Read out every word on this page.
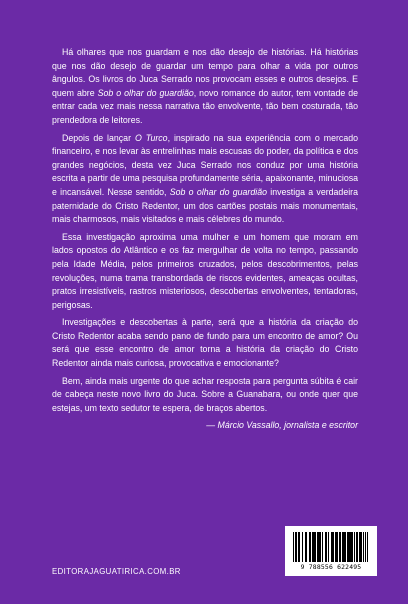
Há olhares que nos guardam e nos dão desejo de histórias. Há histórias que nos dão desejo de guardar um tempo para olhar a vida por outros ângulos. Os livros do Juca Serrado nos provocam esses e outros desejos. E quem abre Sob o olhar do guardião, novo romance do autor, tem vontade de entrar cada vez mais nessa narrativa tão envolvente, tão bem costurada, tão prendedora de leitores.

Depois de lançar O Turco, inspirado na sua experiência com o mercado financeiro, e nos levar às entrelinhas mais escusas do poder, da política e dos grandes negócios, desta vez Juca Serrado nos conduz por uma história escrita a partir de uma pesquisa profundamente séria, apaixonante, minuciosa e incansável. Nesse sentido, Sob o olhar do guardião investiga a verdadeira paternidade do Cristo Redentor, um dos cartões postais mais monumentais, mais charmosos, mais visitados e mais célebres do mundo.

Essa investigação aproxima uma mulher e um homem que moram em lados opostos do Atlântico e os faz mergulhar de volta no tempo, passando pela Idade Média, pelos primeiros cruzados, pelos descobrimentos, pelas revoluções, numa trama transbordada de riscos evidentes, ameaças ocultas, pratos irresistíveis, rastros misteriosos, descobertas envolventes, tentadoras, perigosas.

Investigações e descobertas à parte, será que a história da criação do Cristo Redentor acaba sendo pano de fundo para um encontro de amor? Ou será que esse encontro de amor torna a história da criação do Cristo Redentor ainda mais curiosa, provocativa e emocionante?

Bem, ainda mais urgente do que achar resposta para pergunta súbita é cair de cabeça neste novo livro do Juca. Sobre a Guanabara, ou onde quer que estejas, um texto sedutor te espera, de braços abertos.

— Márcio Vassallo, jornalista e escritor

EDITORAJAGUATIRICA.COM.BR	9 788556 622495
